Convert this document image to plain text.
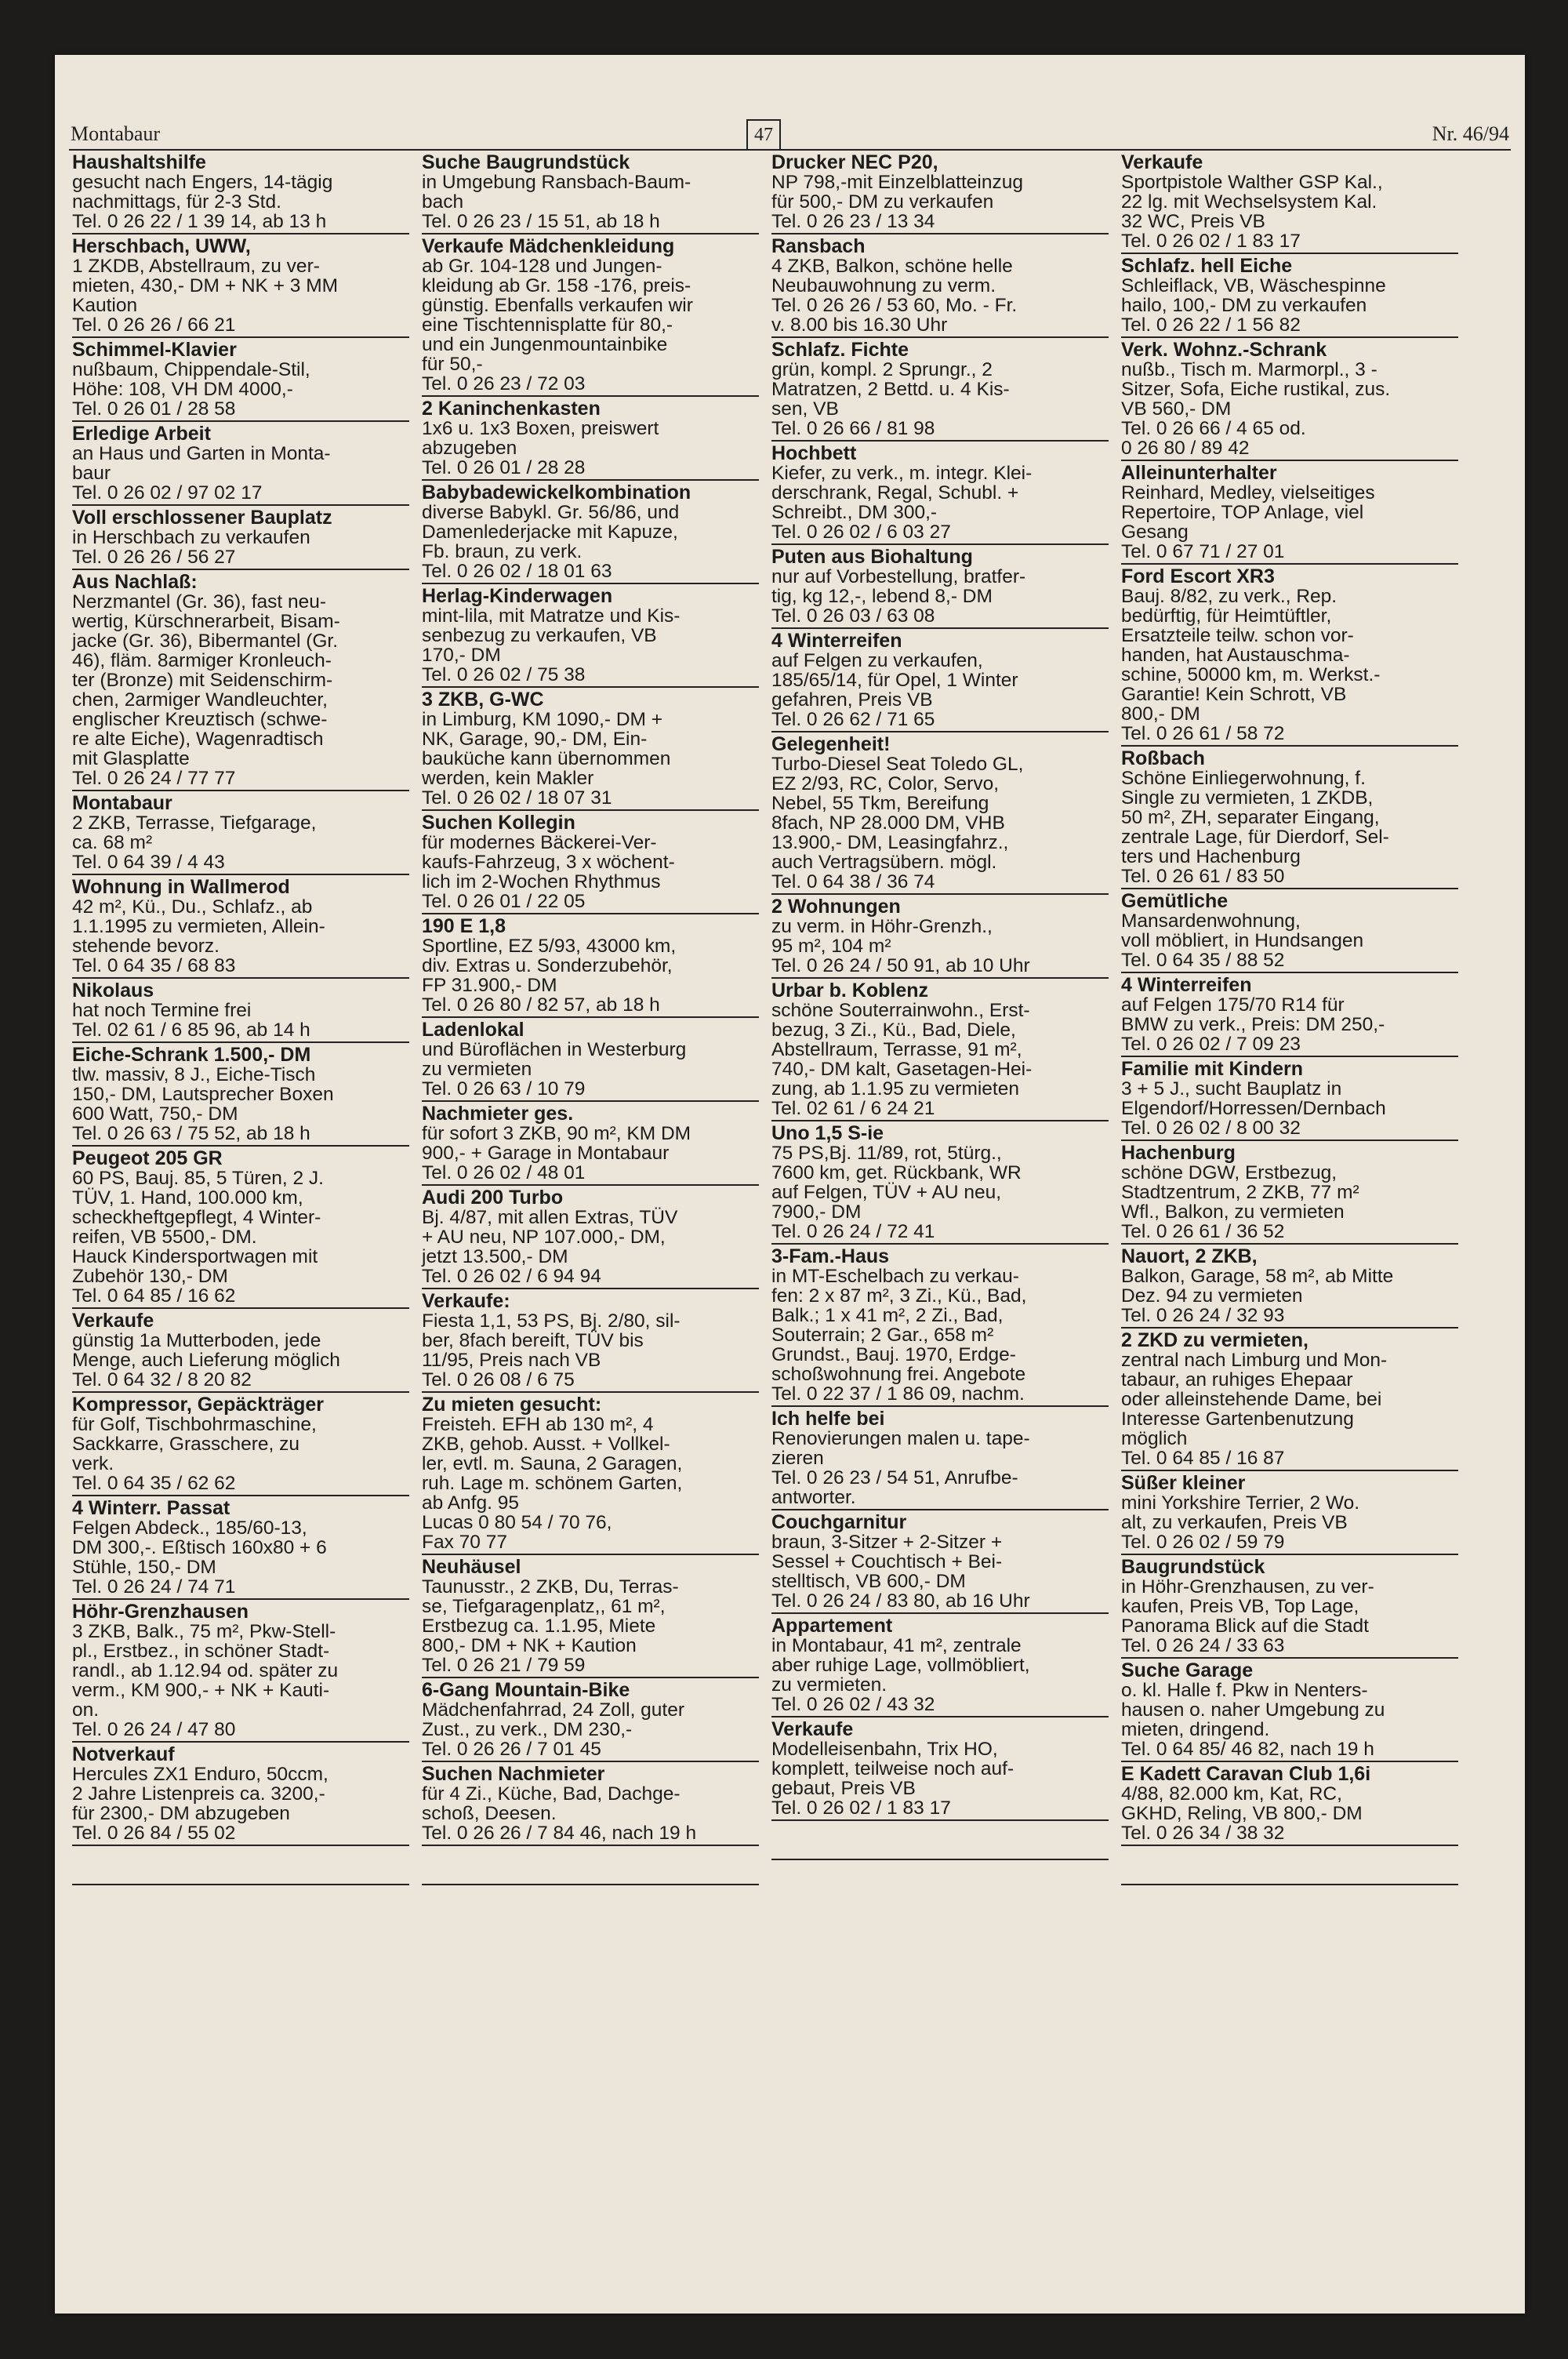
Montabaur	47	Nr. 46/94
Haushaltshilfe
gesucht nach Engers, 14-tägig
nachmittags, für 2-3 Std.
Tel. 0 26 22 / 1 39 14, ab 13 h
Herschbach, UWW,
1 ZKDB, Abstellraum, zu ver-
mieten, 430,- DM + NK + 3 MM
Kaution
Tel. 0 26 26 / 66 21
Schimmel-Klavier
nußbaum, Chippendale-Stil,
Höhe: 108, VH DM 4000,-
Tel. 0 26 01 / 28 58
Erledige Arbeit
an Haus und Garten in Monta-
baur
Tel. 0 26 02 / 97 02 17
Voll erschlossener Bauplatz
in Herschbach zu verkaufen
Tel. 0 26 26 / 56 27
Aus Nachlaß:
Nerzmantel (Gr. 36), fast neu-
wertig, Kürschnerarbeit, Bisam-
jacke (Gr. 36), Bibermantel (Gr.
46), fläm. 8armiger Kronleuch-
ter (Bronze) mit Seidenschirm-
chen, 2armiger Wandleuchter,
englischer Kreuztisch (schwe-
re alte Eiche), Wagenradtisch
mit Glasplatte
Tel. 0 26 24 / 77 77
Montabaur
2 ZKB, Terrasse, Tiefgarage,
ca. 68 m²
Tel. 0 64 39 / 4 43
Wohnung in Wallmerod
42 m², Kü., Du., Schlafz., ab
1.1.1995 zu vermieten, Allein-
stehende bevorz.
Tel. 0 64 35 / 68 83
Nikolaus
hat noch Termine frei
Tel. 02 61 / 6 85 96, ab 14 h
Eiche-Schrank 1.500,- DM
tlw. massiv, 8 J., Eiche-Tisch
150,- DM, Lautsprecher Boxen
600 Watt, 750,- DM
Tel. 0 26 63 / 75 52, ab 18 h
Peugeot 205 GR
60 PS, Bauj. 85, 5 Türen, 2 J.
TÜV, 1. Hand, 100.000 km,
scheckheftgepflegt, 4 Winter-
reifen, VB 5500,- DM.
Hauck Kindersportwagen mit
Zubehör 130,- DM
Tel. 0 64 85 / 16 62
Verkaufe
günstig 1a Mutterboden, jede
Menge, auch Lieferung möglich
Tel. 0 64 32 / 8 20 82
Kompressor, Gepäckträger
für Golf, Tischbohrmaschine,
Sackkarre, Grasschere, zu
verk.
Tel. 0 64 35 / 62 62
4 Winterr. Passat
Felgen Abdeck., 185/60-13,
DM 300,-. Eßtisch 160x80 + 6
Stühle, 150,- DM
Tel. 0 26 24 / 74 71
Höhr-Grenzhausen
3 ZKB, Balk., 75 m², Pkw-Stell-
pl., Erstbez., in schöner Stadt-
randl., ab 1.12.94 od. später zu
verm., KM 900,- + NK + Kauti-
on.
Tel. 0 26 24 / 47 80
Notverkauf
Hercules ZX1 Enduro, 50ccm,
2 Jahre Listenpreis ca. 3200,-
für 2300,- DM abzugeben
Tel. 0 26 84 / 55 02
Suche Baugrundstück
in Umgebung Ransbach-Baum-
bach
Tel. 0 26 23 / 15 51, ab 18 h
Verkaufe Mädchenkleidung
ab Gr. 104-128 und Jungen-
kleidung ab Gr. 158 -176, preis-
günstig. Ebenfalls verkaufen wir
eine Tischtennisplatte für 80,-
und ein Jungenmountainbike
für 50,-
Tel. 0 26 23 / 72 03
2 Kaninchenkasten
1x6 u. 1x3 Boxen, preiswert
abzugeben
Tel. 0 26 01 / 28 28
Babybadewickelkombination
diverse Babykl. Gr. 56/86, und
Damenlederjacke mit Kapuze,
Fb. braun, zu verk.
Tel. 0 26 02 / 18 01 63
Herlag-Kinderwagen
mint-lila, mit Matratze und Kis-
senbezug zu verkaufen, VB
170,- DM
Tel. 0 26 02 / 75 38
3 ZKB, G-WC
in Limburg, KM 1090,- DM +
NK, Garage, 90,- DM, Ein-
bauküche kann übernommen
werden, kein Makler
Tel. 0 26 02 / 18 07 31
Suchen Kollegin
für modernes Bäckerei-Ver-
kaufs-Fahrzeug, 3 x wöchent-
lich im 2-Wochen Rhythmus
Tel. 0 26 01 / 22 05
190 E 1,8
Sportline, EZ 5/93, 43000 km,
div. Extras u. Sonderzubehör,
FP 31.900,- DM
Tel. 0 26 80 / 82 57, ab 18 h
Ladenlokal
und Büroflächen in Westerburg
zu vermieten
Tel. 0 26 63 / 10 79
Nachmieter ges.
für sofort 3 ZKB, 90 m², KM DM
900,- + Garage in Montabaur
Tel. 0 26 02 / 48 01
Audi 200 Turbo
Bj. 4/87, mit allen Extras, TÜV
+ AU neu, NP 107.000,- DM,
jetzt 13.500,- DM
Tel. 0 26 02 / 6 94 94
Verkaufe:
Fiesta 1,1, 53 PS, Bj. 2/80, sil-
ber, 8fach bereift, TÜV bis
11/95, Preis nach VB
Tel. 0 26 08 / 6 75
Zu mieten gesucht:
Freisteh. EFH ab 130 m², 4
ZKB, gehob. Ausst. + Vollkel-
ler, evtl. m. Sauna, 2 Garagen,
ruh. Lage m. schönem Garten,
ab Anfg. 95
Lucas 0 80 54 / 70 76,
Fax 70 77
Neuhäusel
Taunusstr., 2 ZKB, Du, Terras-
se, Tiefgaragenplatz,, 61 m²,
Erstbezug ca. 1.1.95, Miete
800,- DM + NK + Kaution
Tel. 0 26 21 / 79 59
6-Gang Mountain-Bike
Mädchenfahrrad, 24 Zoll, guter
Zust., zu verk., DM 230,-
Tel. 0 26 26 / 7 01 45
Suchen Nachmieter
für 4 Zi., Küche, Bad, Dachge-
schoß, Deesen.
Tel. 0 26 26 / 7 84 46, nach 19 h
Drucker NEC P20,
NP 798,-mit Einzelblatteinzug
für 500,- DM zu verkaufen
Tel. 0 26 23 / 13 34
Ransbach
4 ZKB, Balkon, schöne helle
Neubauwohnung zu verm.
Tel. 0 26 26 / 53 60, Mo. - Fr.
v. 8.00 bis 16.30 Uhr
Schlafz. Fichte
grün, kompl. 2 Sprungr., 2
Matratzen, 2 Bettd. u. 4 Kis-
sen, VB
Tel. 0 26 66 / 81 98
Hochbett
Kiefer, zu verk., m. integr. Klei-
derschrank, Regal, Schubl. +
Schreibt., DM 300,-
Tel. 0 26 02 / 6 03 27
Puten aus Biohaltung
nur auf Vorbestellung, bratfer-
tig, kg 12,-, lebend 8,- DM
Tel. 0 26 03 / 63 08
4 Winterreifen
auf Felgen zu verkaufen,
185/65/14, für Opel, 1 Winter
gefahren, Preis VB
Tel. 0 26 62 / 71 65
Gelegenheit!
Turbo-Diesel Seat Toledo GL,
EZ 2/93, RC, Color, Servo,
Nebel, 55 Tkm, Bereifung
8fach, NP 28.000 DM, VHB
13.900,- DM, Leasingfahrz.,
auch Vertragsübern. mögl.
Tel. 0 64 38 / 36 74
2 Wohnungen
zu verm. in Höhr-Grenzh.,
95 m², 104 m²
Tel. 0 26 24 / 50 91, ab 10 Uhr
Urbar b. Koblenz
schöne Souterrainwohn., Erst-
bezug, 3 Zi., Kü., Bad, Diele,
Abstellraum, Terrasse, 91 m²,
740,- DM kalt, Gasetagen-Hei-
zung, ab 1.1.95 zu vermieten
Tel. 02 61 / 6 24 21
Uno 1,5 S-ie
75 PS,Bj. 11/89, rot, 5türg.,
7600 km, get. Rückbank, WR
auf Felgen, TÜV + AU neu,
7900,- DM
Tel. 0 26 24 / 72 41
3-Fam.-Haus
in MT-Eschelbach zu verkau-
fen: 2 x 87 m², 3 Zi., Kü., Bad,
Balk.; 1 x 41 m², 2 Zi., Bad,
Souterrain; 2 Gar., 658 m²
Grundst., Bauj. 1970, Erdge-
schoßwohnung frei. Angebote
Tel. 0 22 37 / 1 86 09, nachm.
Ich helfe bei
Renovierungen malen u. tape-
zieren
Tel. 0 26 23 / 54 51, Anrufbe-
antworter.
Couchgarnitur
braun, 3-Sitzer + 2-Sitzer +
Sessel + Couchtisch + Bei-
stelltisch, VB 600,- DM
Tel. 0 26 24 / 83 80, ab 16 Uhr
Appartement
in Montabaur, 41 m², zentrale
aber ruhige Lage, vollmöbliert,
zu vermieten.
Tel. 0 26 02 / 43 32
Verkaufe
Modelleisenbahn, Trix HO,
komplett, teilweise noch auf-
gebaut, Preis VB
Tel. 0 26 02 / 1 83 17
Verkaufe
Sportpistole Walther GSP Kal.,
22 lg. mit Wechselsystem Kal.
32 WC, Preis VB
Tel. 0 26 02 / 1 83 17
Schlafz. hell Eiche
Schleiflack, VB, Wäschespinne
hailo, 100,- DM zu verkaufen
Tel. 0 26 22 / 1 56 82
Verk. Wohnz.-Schrank
nußb., Tisch m. Marmorpl., 3 -
Sitzer, Sofa, Eiche rustikal, zus.
VB 560,- DM
Tel. 0 26 66 / 4 65 od.
0 26 80 / 89 42
Alleinunterhalter
Reinhard, Medley, vielseitiges
Repertoire, TOP Anlage, viel
Gesang
Tel. 0 67 71 / 27 01
Ford Escort XR3
Bauj. 8/82, zu verk., Rep.
bedürftig, für Heimtüftler,
Ersatzteile teilw. schon vor-
handen, hat Austauschma-
schine, 50000 km, m. Werkst.-
Garantie! Kein Schrott, VB
800,- DM
Tel. 0 26 61 / 58 72
Roßbach
Schöne Einliegerwohnung, f.
Single zu vermieten, 1 ZKDB,
50 m², ZH, separater Eingang,
zentrale Lage, für Dierdorf, Sel-
ters und Hachenburg
Tel. 0 26 61 / 83 50
Gemütliche
Mansardenwohnung,
voll möbliert, in Hundsangen
Tel. 0 64 35 / 88 52
4 Winterreifen
auf Felgen 175/70 R14 für
BMW zu verk., Preis: DM 250,-
Tel. 0 26 02 / 7 09 23
Familie mit Kindern
3 + 5 J., sucht Bauplatz in
Elgendorf/Horressen/Dernbach
Tel. 0 26 02 / 8 00 32
Hachenburg
schöne DGW, Erstbezug,
Stadtzentrum, 2 ZKB, 77 m²
Wfl., Balkon, zu vermieten
Tel. 0 26 61 / 36 52
Nauort, 2 ZKB,
Balkon, Garage, 58 m², ab Mitte
Dez. 94 zu vermieten
Tel. 0 26 24 / 32 93
2 ZKD zu vermieten,
zentral nach Limburg und Mon-
tabaur, an ruhiges Ehepaar
oder alleinstehende Dame, bei
Interesse Gartenbenutzung
möglich
Tel. 0 64 85 / 16 87
Süßer kleiner
mini Yorkshire Terrier, 2 Wo.
alt, zu verkaufen, Preis VB
Tel. 0 26 02 / 59 79
Baugrundstück
in Höhr-Grenzhausen, zu ver-
kaufen, Preis VB, Top Lage,
Panorama Blick auf die Stadt
Tel. 0 26 24 / 33 63
Suche Garage
o. kl. Halle f. Pkw in Nenters-
hausen o. naher Umgebung zu
mieten, dringend.
Tel. 0 64 85/ 46 82, nach 19 h
E Kadett Caravan Club 1,6i
4/88, 82.000 km, Kat, RC,
GKHD, Reling, VB 800,- DM
Tel. 0 26 34 / 38 32
